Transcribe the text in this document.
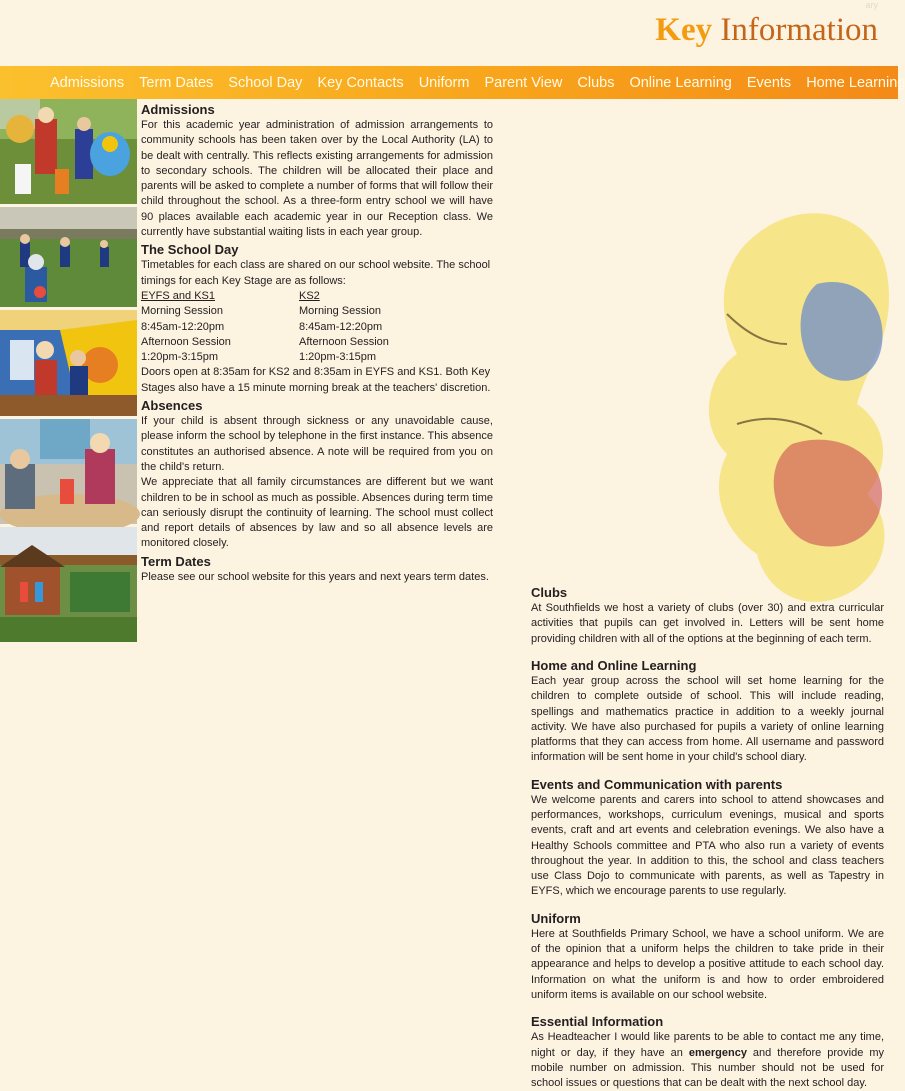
ary
Key Information
Admissions Term Dates School Day Key Contacts Uniform Parent View Clubs Online Learning Events Home Learning
Admissions

For this academic year administration of admission arrangements to community schools has been taken over by the Local Authority (LA) to be dealt with centrally. This reflects existing arrangements for admission to secondary schools. The children will be allocated their place and parents will be asked to complete a number of forms that will follow their child throughout the school. As a three-form entry school we will have 90 places available each academic year in our Reception class. We currently have substantial waiting lists in each year group.

The School Day

Timetables for each class are shared on our school website. The school timings for each Key Stage are as follows:

EYFS and KS1	KS2
Morning Session	Morning Session
8:45am-12:20pm	8:45am-12:20pm
Afternoon Session	Afternoon Session
1:20pm-3:15pm	1:20pm-3:15pm

Doors open at 8:35am for KS2 and 8:35am in EYFS and KS1. Both Key Stages also have a 15 minute morning break at the teachers' discretion.

Absences

If your child is absent through sickness or any unavoidable cause, please inform the school by telephone in the first instance. This absence constitutes an authorised absence. A note will be required from you on the child's return.

We appreciate that all family circumstances are different but we want children to be in school as much as possible. Absences during term time can seriously disrupt the continuity of learning. The school must collect and report details of absences by law and so all absence levels are monitored closely.

Term Dates

Please see our school website for this years and next years term dates.

Clubs

At Southfields we host a variety of clubs (over 30) and extra curricular activities that pupils can get involved in. Letters will be sent home providing children with all of the options at the beginning of each term.

Home and Online Learning

Each year group across the school will set home learning for the children to complete outside of school. This will include reading, spellings and mathematics practice in addition to a weekly journal activity. We have also purchased for pupils a variety of online learning platforms that they can access from home. All username and password information will be sent home in your child's school diary.

Events and Communication with parents

We welcome parents and carers into school to attend showcases and performances, workshops, curriculum evenings, musical and sports events, craft and art events and celebration evenings. We also have a Healthy Schools committee and PTA who also run a variety of events throughout the year. In addition to this, the school and class teachers use Class Dojo to communicate with parents, as well as Tapestry in EYFS, which we encourage parents to use regularly.

Uniform

Here at Southfields Primary School, we have a school uniform. We are of the opinion that a uniform helps the children to take pride in their appearance and helps to develop a positive attitude to each school day. Information on what the uniform is and how to order embroidered uniform items is available on our school website.

Essential Information

As Headteacher I would like parents to be able to contact me any time, night or day, if they have an emergency and therefore provide my mobile number on admission. This number should not be used for school issues or questions that can be dealt with the next school day.
